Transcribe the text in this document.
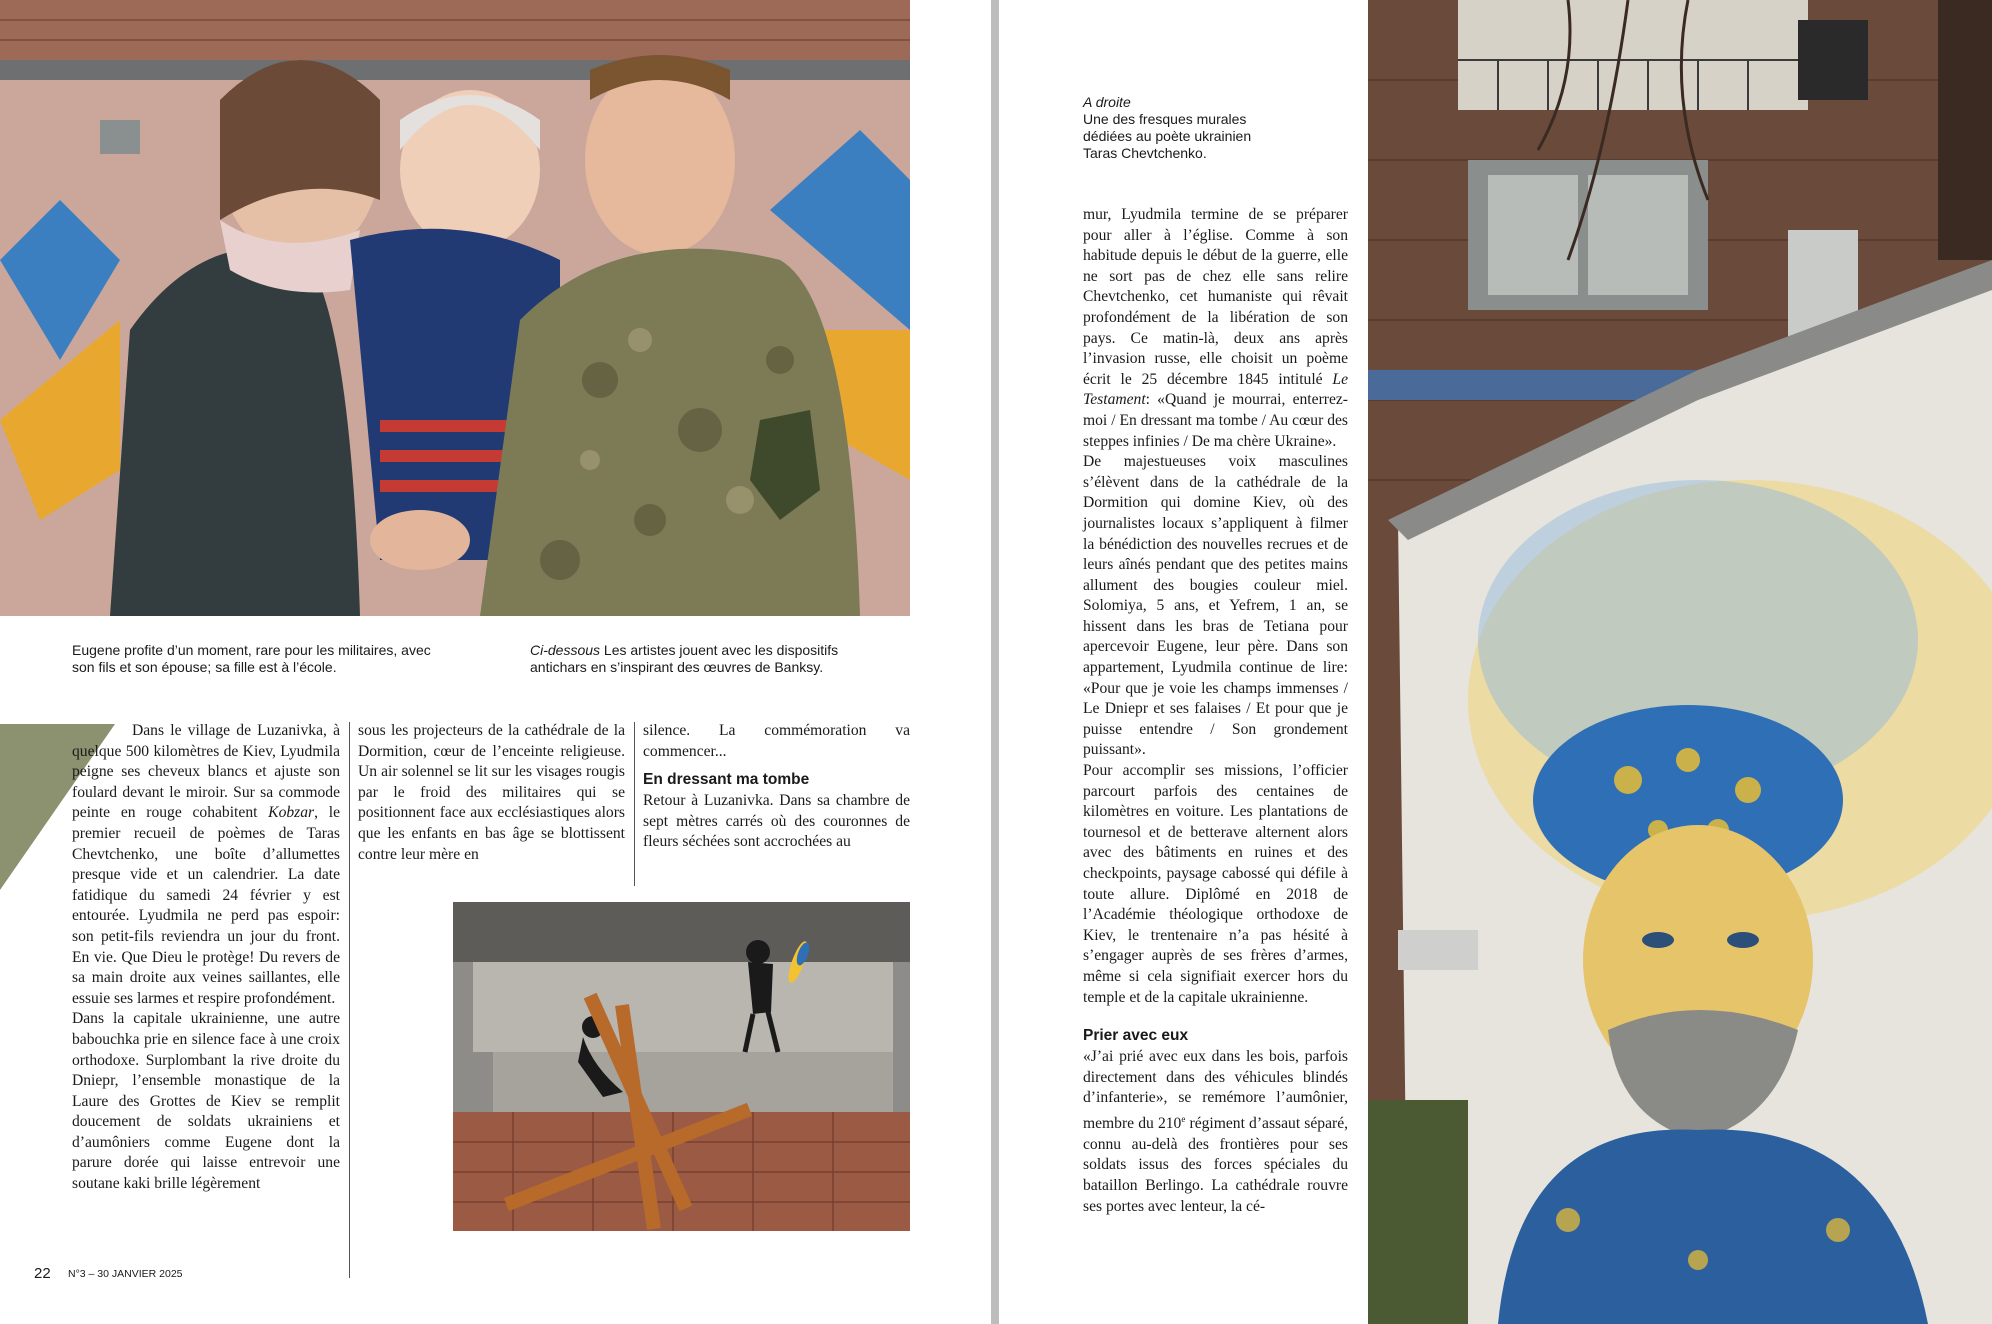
Eugene profite d’un moment, rare pour les militaires, avec son fils et son épouse; sa fille est à l’école.
Ci-dessous Les artistes jouent avec les dispositifs antichars en s’inspirant des œuvres de Banksy.

Dans le village de Luzanivka, à quelque 500 kilomètres de Kiev, Lyudmila peigne ses cheveux blancs et ajuste son foulard devant le miroir. Sur sa commode peinte en rouge cohabitent Kobzar, le premier recueil de poèmes de Taras Chevtchenko, une boîte d’allumettes presque vide et un calendrier. La date fatidique du samedi 24 février y est entourée. Lyudmila ne perd pas espoir: son petit-fils reviendra un jour du front. En vie. Que Dieu le protège! Du revers de sa main droite aux veines saillantes, elle essuie ses larmes et respire profondément.

Dans la capitale ukrainienne, une autre babouchka prie en silence face à une croix orthodoxe. Surplombant la rive droite du Dniepr, l’ensemble monastique de la Laure des Grottes de Kiev se remplit doucement de soldats ukrainiens et d’aumôniers comme Eugene dont la parure dorée qui laisse entrevoir une soutane kaki brille légèrement

sous les projecteurs de la cathédrale de la Dormition, cœur de l’enceinte religieuse. Un air solennel se lit sur les visages rougis par le froid des militaires qui se positionnent face aux ecclésiastiques alors que les enfants en bas âge se blottissent contre leur mère en

silence. La commémoration va commencer...

En dressant ma tombe

Retour à Luzanivka. Dans sa chambre de sept mètres carrés où des couronnes de fleurs séchées sont accrochées au

22 N°3 – 30 JANVIER 2025
A droite
Une des fresques murales dédiées au poète ukrainien Taras Chevtchenko.

mur, Lyudmila termine de se préparer pour aller à l’église. Comme à son habitude depuis le début de la guerre, elle ne sort pas de chez elle sans relire Chevtchenko, cet humaniste qui rêvait profondément de la libération de son pays. Ce matin-là, deux ans après l’invasion russe, elle choisit un poème écrit le 25 décembre 1845 intitulé Le Testament: «Quand je mourrai, enterrez-moi / En dressant ma tombe / Au cœur des steppes infinies / De ma chère Ukraine».

De majestueuses voix masculines s’élèvent dans de la cathédrale de la Dormition qui domine Kiev, où des journalistes locaux s’appliquent à filmer la bénédiction des nouvelles recrues et de leurs aînés pendant que des petites mains allument des bougies couleur miel. Solomiya, 5 ans, et Yefrem, 1 an, se hissent dans les bras de Tetiana pour apercevoir Eugene, leur père. Dans son appartement, Lyudmila continue de lire: «Pour que je voie les champs immenses / Le Dniepr et ses falaises / Et pour que je puisse entendre / Son grondement puissant».

Pour accomplir ses missions, l’officier parcourt parfois des centaines de kilomètres en voiture. Les plantations de tournesol et de betterave alternent alors avec des bâtiments en ruines et des checkpoints, paysage cabossé qui défile à toute allure. Diplômé en 2018 de l’Académie théologique orthodoxe de Kiev, le trentenaire n’a pas hésité à s’engager auprès de ses frères d’armes, même si cela signifiait exercer hors du temple et de la capitale ukrainienne.

Prier avec eux

«J’ai prié avec eux dans les bois, parfois directement dans des véhicules blindés d’infanterie», se remémore l’aumônier, membre du 210e régiment d’assaut séparé, connu au-delà des frontières pour ses soldats issus des forces spéciales du bataillon Berlingo. La cathédrale rouvre ses portes avec lenteur, la cé-
